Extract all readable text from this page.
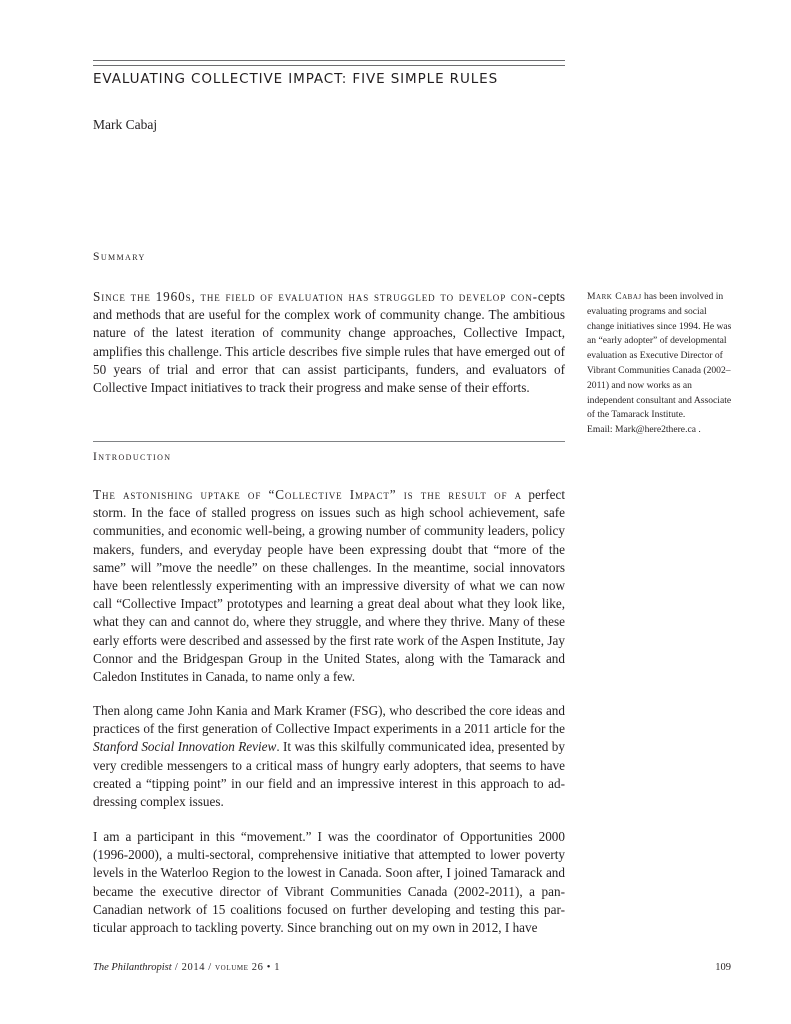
EVALUATING COLLECTIVE IMPACT: FIVE SIMPLE RULES
Mark Cabaj
Summary

Since the 1960s, the field of evaluation has struggled to develop con-cepts and methods that are useful for the complex work of community change. The ambitious nature of the latest iteration of community change approaches, Collective Impact, amplifies this challenge. This article describes five simple rules that have emerged out of 50 years of trial and error that can assist participants, funders, and evaluators of Collective Impact initiatives to track their progress and make sense of their efforts.

Introduction

The astonishing uptake of “Collective Impact” is the result of a perfect storm. In the face of stalled progress on issues such as high school achievement, safe communities, and economic well-being, a growing number of community leaders, policy makers, funders, and everyday people have been expressing doubt that “more of the same” will ”move the needle” on these challenges. In the meantime, social innovators have been relentlessly experimenting with an impressive diversity of what we can now call “Collective Impact” prototypes and learning a great deal about what they look like, what they can and cannot do, where they struggle, and where they thrive. Many of these early efforts were described and assessed by the first rate work of the Aspen Institute, Jay Connor and the Bridgespan Group in the United States, along with the Tamarack and Caledon Institutes in Canada, to name only a few.

Then along came John Kania and Mark Kramer (FSG), who described the core ideas and practices of the first generation of Collective Impact experiments in a 2011 article for the Stanford Social Innovation Review. It was this skilfully communicated idea, presented by very credible messengers to a critical mass of hungry early adopters, that seems to have created a “tipping point” in our field and an impressive interest in this approach to ad-dressing complex issues.

I am a participant in this “movement.” I was the coordinator of Opportunities 2000 (1996-2000), a multi-sectoral, comprehensive initiative that attempted to lower poverty levels in the Waterloo Region to the lowest in Canada. Soon after, I joined Tamarack and became the executive director of Vibrant Communities Canada (2002-2011), a pan-Canadian network of 15 coalitions focused on further developing and testing this par-ticular approach to tackling poverty. Since branching out on my own in 2012, I have

Mark Cabaj has been involved in evaluating programs and social change initiatives since 1994. He was an “early adopter” of developmental evaluation as Executive Director of Vibrant Communities Canada (2002–2011) and now works as an independent consultant and Associate of the Tamarack Institute.
Email: Mark@here2there.ca .

The Philanthropist / 2014 / volume 26 • 1	109
